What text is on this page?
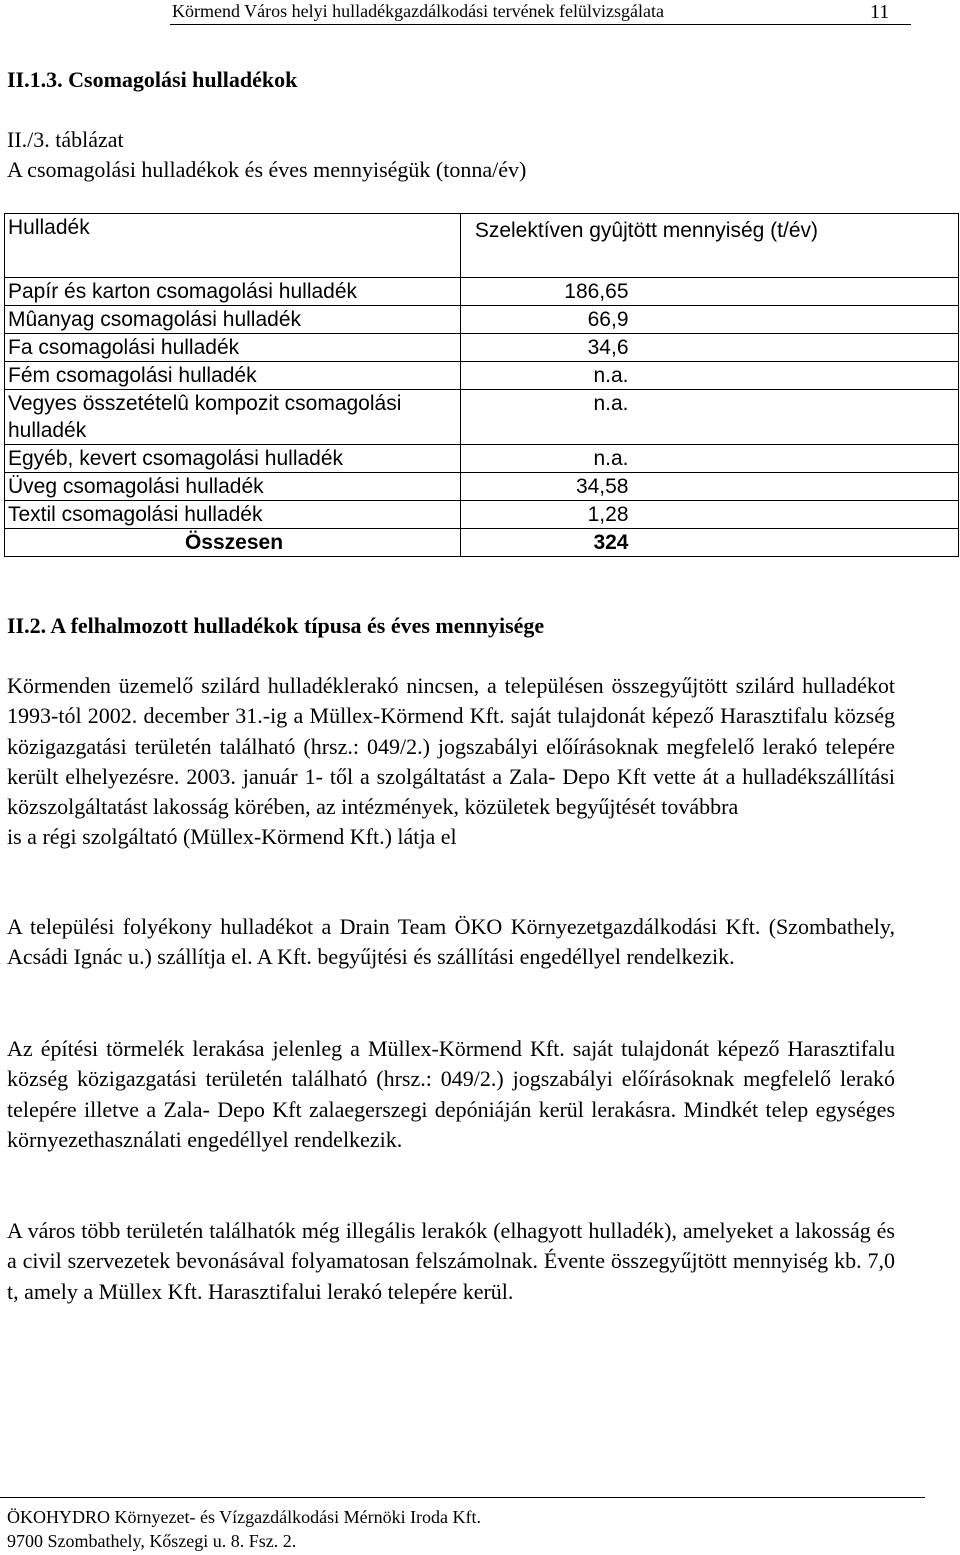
Körmend Város helyi hulladékgazdálkodási tervének felülvizsgálata	11
II.1.3. Csomagolási hulladékok
II./3. táblázat
A csomagolási hulladékok és éves mennyiségük (tonna/év)
Hulladék	Szelektíven gyûjtött mennyiség (t/év)
Papír és karton csomagolási hulladék	186,65
Mûanyag csomagolási hulladék	66,9
Fa csomagolási hulladék	34,6
Fém csomagolási hulladék	n.a.
Vegyes összetételû kompozit csomagolási hulladék	n.a.
Egyéb, kevert csomagolási hulladék	n.a.
Üveg csomagolási hulladék	34,58
Textil csomagolási hulladék	1,28
Összesen	324
II.2. A felhalmozott hulladékok típusa és éves mennyisége
Körmenden üzemelő szilárd hulladéklerakó nincsen, a településen összegyűjtött szilárd hulladékot 1993-tól 2002. december 31.-ig a Müllex-Körmend Kft. saját tulajdonát képező Harasztifalu község közigazgatási területén található (hrsz.: 049/2.) jogszabályi előírásoknak megfelelő lerakó telepére került elhelyezésre. 2003. január 1- től a szolgáltatást a Zala- Depo Kft vette át a hulladékszállítási közszolgáltatást lakosság körében, az intézmények, közületek begyűjtését továbbra
is a régi szolgáltató (Müllex-Körmend Kft.) látja el
A települési folyékony hulladékot a Drain Team ÖKO Környezetgazdálkodási Kft. (Szombathely, Acsádi Ignác u.) szállítja el. A Kft. begyűjtési és szállítási engedéllyel rendelkezik.
Az építési törmelék lerakása jelenleg a Müllex-Körmend Kft. saját tulajdonát képező Harasztifalu község közigazgatási területén található (hrsz.: 049/2.) jogszabályi előírásoknak megfelelő lerakó telepére illetve a Zala- Depo Kft zalaegerszegi depóniáján kerül lerakásra. Mindkét telep egységes környezethasználati engedéllyel rendelkezik.
A város több területén találhatók még illegális lerakók (elhagyott hulladék), amelyeket a lakosság és a civil szervezetek bevonásával folyamatosan felszámolnak. Évente összegyűjtött mennyiség kb. 7,0 t, amely a Müllex Kft. Harasztifalui lerakó telepére kerül.
ÖKOHYDRO Környezet- és Vízgazdálkodási Mérnöki Iroda Kft.
9700 Szombathely, Kőszegi u. 8. Fsz. 2.
